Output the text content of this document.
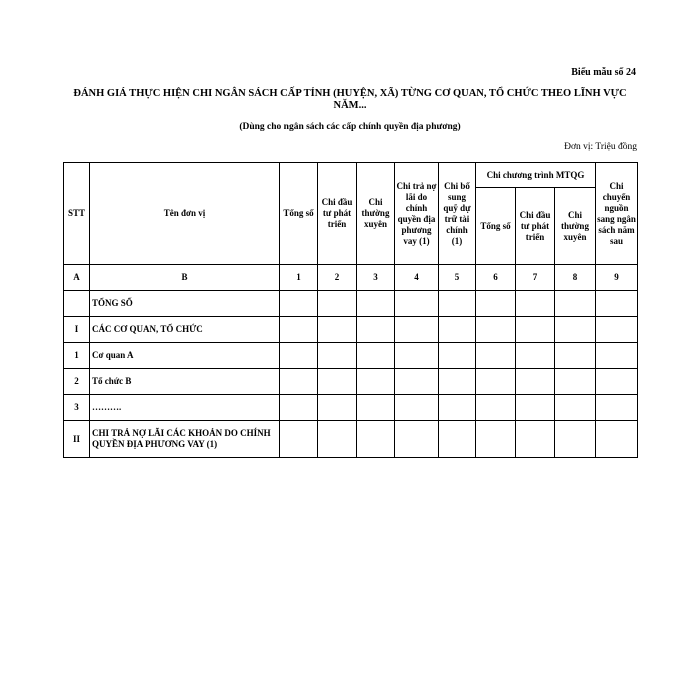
Biểu mẫu số 24
ĐÁNH GIÁ THỰC HIỆN CHI NGÂN SÁCH CẤP TỈNH (HUYỆN, XÃ) TỪNG CƠ QUAN, TỔ CHỨC THEO LĨNH VỰC NĂM...
(Dùng cho ngân sách các cấp chính quyền địa phương)
Đơn vị: Triệu đồng
STT	Tên đơn vị	Tổng số	Chi đầu tư phát triển	Chi thường xuyên	Chi trả nợ lãi do chính quyền địa phương vay (1)	Chi bổ sung quỹ dự trữ tài chính (1)	Chi chương trình MTQG			Chi chuyển nguồn sang ngân sách năm sau
							Tổng số	Chi đầu tư phát triển	Chi thường xuyên	
A	B	1	2	3	4	5	6	7	8	9
	TỔNG SỐ									
I	CÁC CƠ QUAN, TỔ CHỨC									
1	Cơ quan A									
2	Tổ chức B									
3	……….									
II	CHI TRẢ NỢ LÃI CÁC KHOẢN DO CHÍNH QUYỀN ĐỊA PHƯƠNG VAY (1)									
